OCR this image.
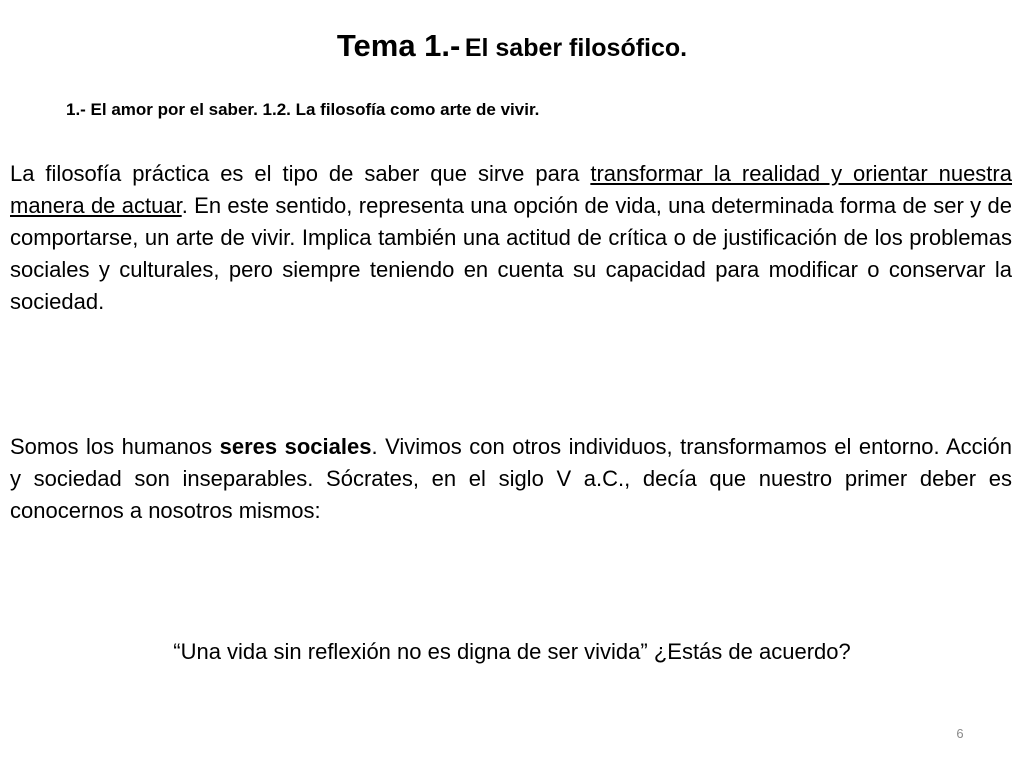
Tema 1.- El saber filosófico.
1.- El amor por el saber. 1.2. La filosofía como arte de vivir.
La filosofía práctica es el tipo de saber que sirve para transformar la realidad y orientar nuestra manera de actuar. En este sentido, representa una opción de vida, una determinada forma de ser y de comportarse, un arte de vivir. Implica también una actitud de crítica o de justificación de los problemas sociales y culturales, pero siempre teniendo en cuenta su capacidad para modificar o conservar la sociedad.
Somos los humanos seres sociales. Vivimos con otros individuos, transformamos el entorno. Acción y sociedad son inseparables. Sócrates, en el siglo V a.C., decía que nuestro primer deber es conocernos a nosotros mismos:
“Una vida sin reflexión no es digna de ser vivida” ¿Estás de acuerdo?
6
